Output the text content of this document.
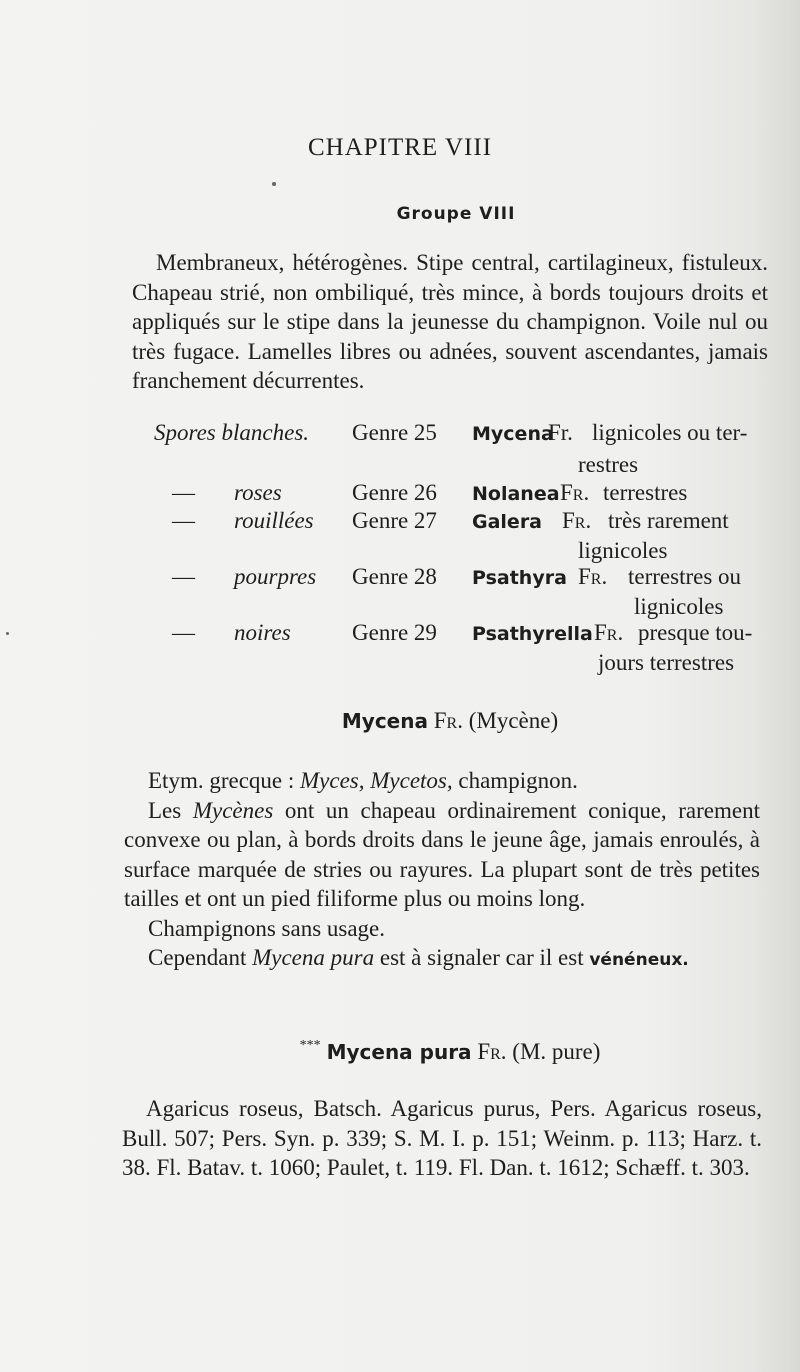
CHAPITRE VIII
Groupe VIII

Membraneux, hétérogènes. Stipe central, cartilagineux, fistuleux. Chapeau strié, non ombiliqué, très mince, à bords toujours droits et appliqués sur le stipe dans la jeunesse du champignon. Voile nul ou très fugace. Lamelles libres ou adnées, souvent ascendantes, jamais franchement décurrentes.

Spores blanches. Genre 25 Mycena
Fr. lignicoles ou ter-
restres
— roses	Genre 26 Nolanea Fr. terrestres
— rouillées Genre 27 Galera Fr. très rarement
lignicoles
— pourpres Genre 28 Psathyra Fr. terrestres ou
lignicoles
— noires	Genre 29 Psathyrella Fr. presque tou-
jours terrestres
Mycena Fr. (Mycène)
Etym. grecque : Myces, Mycetos, champignon.
Les Mycènes ont un chapeau ordinairement conique, rarement convexe ou plan, à bords droits dans le jeune âge, jamais enroulés, à surface marquée de stries ou rayures. La plupart sont de très petites tailles et ont un pied filiforme plus ou moins long.
Champignons sans usage.
Cependant Mycena pura est à signaler car il est vénéneux.
*** Mycena pura Fr. (M. pure)

Agaricus roseus, Batsch. Agaricus purus, Pers. Agaricus roseus, Bull. 507; Pers. Syn. p. 339; S. M. I. p. 151; Weinm. p. 113; Harz. t. 38. Fl. Batav. t. 1060; Paulet, t. 119. Fl. Dan. t. 1612; Schæff. t. 303.
